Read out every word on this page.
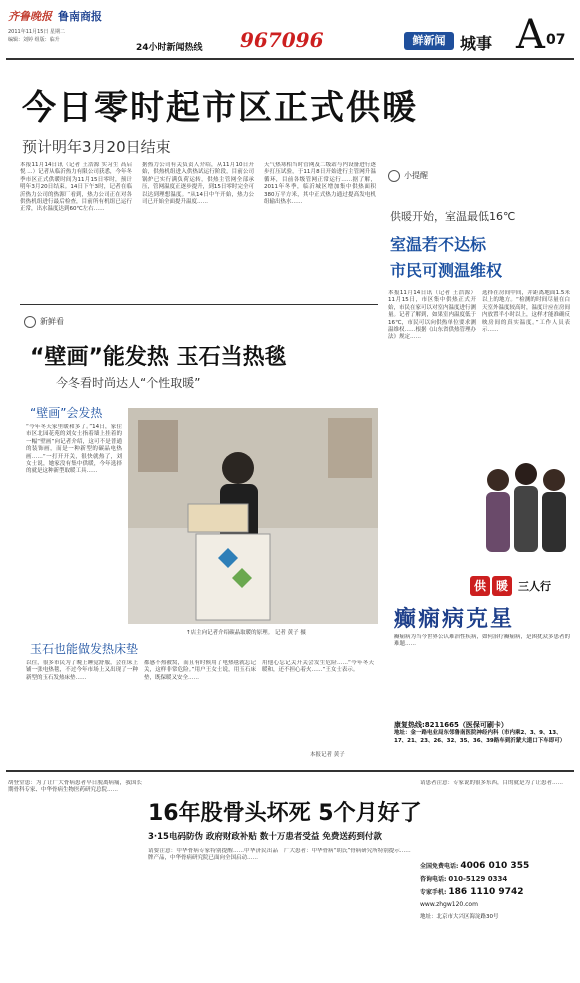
齐鲁晚报 鲁南商报
2011年11月15日 星期二
编辑：刘婷 组版：临升
24小时新闻热线 967096	鲜新闻 城事 A 07
今日零时起市区正式供暖
预计明年3月20日结束
本报11月14日讯（记者 王浩源 实习生 高启悦 ...）记者从临沂热力有限公司获悉，今年冬季市区正式供暖时间为11月15日零时，预计明年3月20日结束。14日下午3时，记者在临沂热力公司的热源厂看到，热力公司正在对各供热机组进行最后检查，目前所有机组已运行正常，出水温度达到60℃左右……
据热力公司有关负责人介绍，从11月10日开始，供热机组进入供热试运行阶段，目前公司锅炉已实行满负荷运转，供热主管网全部承压，管网温度正逐步提升，到15日零时完全可以达到理想温度。“从14日中午开始，热力公司已开始全面提升温度……
天气热寒相当时管网及二级站与内设备进行逐步打压试验，于11月8日开始进行主管网升温循环，目前各级管网正常运行……据了解，2011年冬季，临沂城区增加集中供热面积380万平方米，其中正式热力通过提高发电机组输出热水……
小提醒
供暖开始，室温最低16℃
室温若不达标
市民可测温维权
本报11月14日讯（记者 王浩源）11月15日，市区集中供热正式开始，市民在家可以对室内温度进行测量。记者了解到，如果室内温度低于16℃，市民可以向供热单位要求测温维权……根据《山东省供热管理办法》规定……
选择在房间中间，并距离地面1.5米以上的地方。“检测的时间尽量在白天室外温度较高时，温度计应在房间内放置半小时以上，这样才能准确反映房间的真实温度。”工作人员表示……
新鲜看
“壁画”能发热 玉石当热毯
今冬看时尚达人“个性取暖”
“壁画”会发热
“今年冬天家里暖和多了。”14日，家住市区北园花苑的刘女士指着墙上挂着的一幅“壁画”向记者介绍，这可不是普通的装饰画，而是一种新型的碳晶电热画……“一打开开关，很快就热了，刘女士说，她家没有集中供暖，今年选择的就是这种新型取暖工具……
↑店主向记者介绍碳晶取暖的原理。 记者 黄子 摄
玉石也能做发热床垫
以往，很多市民为了晚上睡觉舒服，会在床上铺一张电热毯，不过今年市场上又出现了一种新型的玉石发热床垫……
都感不热被窝，而且有时候用了电热毯就忘记关，这样非常危险。”用户王女士说，用玉石床垫，既保暖又安全……
用他心忘记关开关会发生危险……“今年冬天暖和，还不担心着火……”王女士表示。
本报记者 黄子
供 暖 三人行
癫痫病克星
癫痫病为当今世界公认难治性疾病，如何治疗癫痫病，是困扰众多患者的难题……
康复热线:8211665（医保可刷卡）
地址：金一路电业局东邻鲁南医院神经内科（市内乘2、3、9、13、17、21、23、26、32、35、36、39路车到沂蒙大道口下车即可）
16年股骨头坏死 5个月好了
3·15电码防伪 政府财政补贴 数十万患者受益 免费送药到付款
胡登堂患：为了让广大骨病患者早日脱离病痛，我国长期骨科专家、中华骨病生物医药研究总院……
请要注意：中华骨病专家特别提醒……中华济民出品牌产品，中华骨病研究院已面向全国启动……
广大患者：中华骨病“胡氏”骨病研究所特别提示……
请患者注意：专家说的很多东西，目的就是为了让患者……
全国免费电话: 4006 010 355
咨询电话: 010-5129 0334
专家手机: 186 1110 9742
www.zhgw120.com
地址：北京市大兴区海淀路30号
